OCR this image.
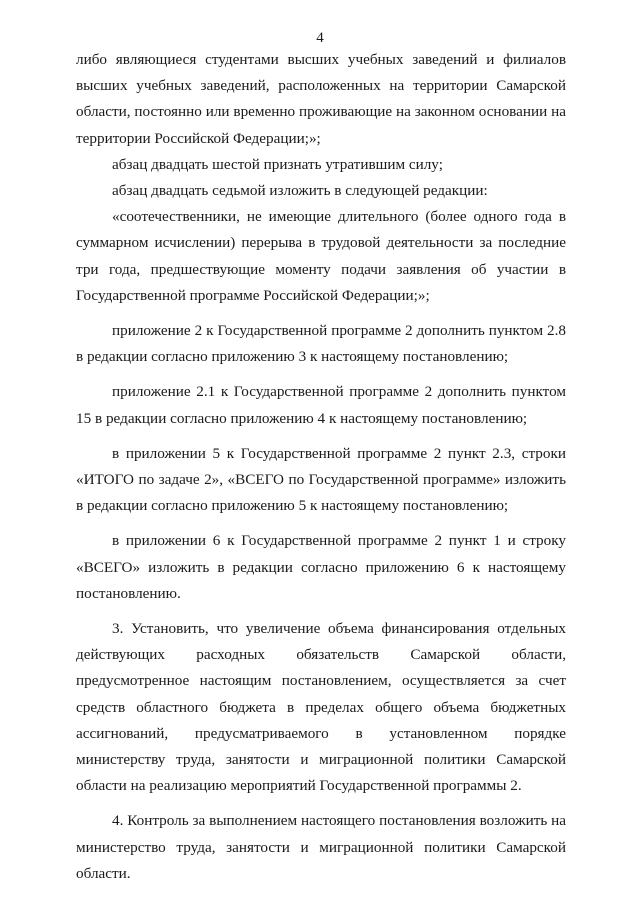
4

либо являющиеся студентами высших учебных заведений и филиалов высших учебных заведений, расположенных на территории Самарской области, постоянно или временно проживающие на законном основании на территории Российской Федерации;»;

абзац двадцать шестой признать утратившим силу;

абзац двадцать седьмой изложить в следующей редакции:

«соотечественники, не имеющие длительного (более одного года в суммарном исчислении) перерыва в трудовой деятельности за последние три года, предшествующие моменту подачи заявления об участии в Государственной программе Российской Федерации;»;

приложение 2 к Государственной программе 2 дополнить пунктом 2.8 в редакции согласно приложению 3 к настоящему постановлению;

приложение 2.1 к Государственной программе 2 дополнить пунктом 15 в редакции согласно приложению 4 к настоящему постановлению;

в приложении 5 к Государственной программе 2 пункт 2.3, строки «ИТОГО по задаче 2», «ВСЕГО по Государственной программе» изложить в редакции согласно приложению 5 к настоящему постановлению;

в приложении 6 к Государственной программе 2 пункт 1 и строку «ВСЕГО» изложить в редакции согласно приложению 6 к настоящему постановлению.

3. Установить, что увеличение объема финансирования отдельных действующих расходных обязательств Самарской области, предусмотренное настоящим постановлением, осуществляется за счет средств областного бюджета в пределах общего объема бюджетных ассигнований, предусматриваемого в установленном порядке министерству труда, занятости и миграционной политики Самарской области на реализацию мероприятий Государственной программы 2.

4. Контроль за выполнением настоящего постановления возложить на министерство труда, занятости и миграционной политики Самарской области.
